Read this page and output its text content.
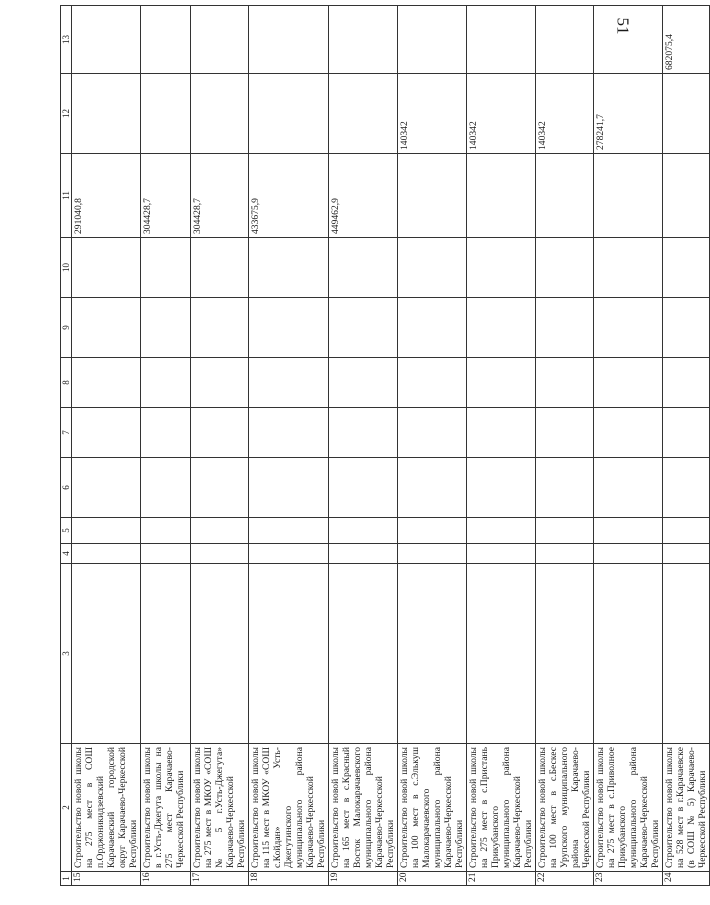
51
1	2	3	4	5	6	7	8	9	10	11	12	13
15	Строительство новой школы на 275 мест в СОШ п.Орджоникидзевский Карачаевский городской округ Карачаево-Черкесской Республики									291040,8		
16	Строительство новой школы в г.Усть-Джегута школы на 275 мест Карачаево-Черкесской Республики									304428,7		
17	Строительство новой школы на 275 мест в МКОУ «СОШ № 5 г.Усть-Джегута» Карачаево-Черкесской Республики									304428,7		
18	Строительство новой школы на 115 мест в МКОУ «СОШ с.Койдан» Усть-Джегутинского муниципального района Карачаево-Черкесской Республики									433675,9		
19	Строительство новой школы на 165 мест в с.Красный Восток Малокарачаевского муниципального района Карачаево-Черкесской Республики									449462,9		
20	Строительство новой школы на 100 мест в с.Элькуш Малокарачаевского муниципального района Карачаево-Черкесской Республики										140342	
21	Строительство новой школы на 275 мест в с.Пристань Прикубанского муниципального района Карачаево-Черкесской Республики										140342	
22	Строительство новой школы на 100 мест в с.Бескес Урупского муниципального района Карачаево-Черкесской Республики										140342	
23	Строительство новой школы на 275 мест в с.Приволное Прикубанского муниципального района Карачаево-Черкесской Республики										278241,7	
24	Строительство новой школы на 528 мест в г.Карачаевске (в СОШ № 5) Карачаево-Черкесской Республики											682075,4
